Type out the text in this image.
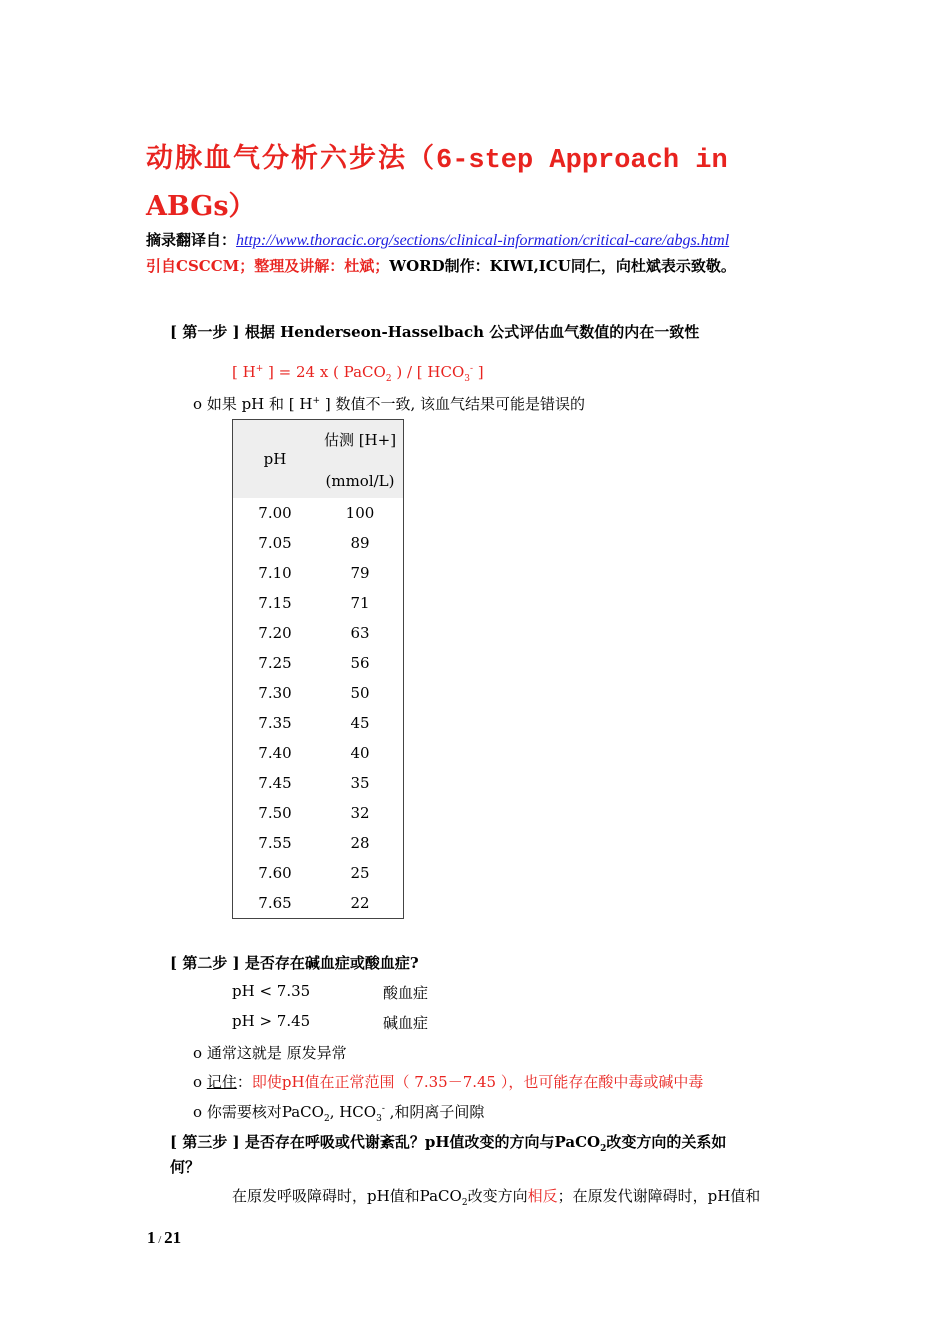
动脉血气分析六步法（6-step Approach in
ABGs）
摘录翻译自：http://www.thoracic.org/sections/clinical-information/critical-care/abgs.html
引自CSCCM；整理及讲解：杜斌；WORD制作：KIWI,ICU同仁，向杜斌表示致敬。
[ 第一步 ] 根据 Henderseon-Hasselbach 公式评估血气数值的内在一致性
[ H+ ] = 24 x ( PaCO$_2$ ) / [ $HCO_3^-$ ]
o 如果 pH 和 [ H+ ] 数值不一致, 该血气结果可能是错误的
pH	估测 [H+]
(mmol/L)

7.00	100
7.05	89
7.10	79
7.15	71
7.20	63
7.25	56
7.30	50
7.35	45
7.40	40
7.45	35
7.50	32
7.55	28
7.60	25
7.65	22
[ 第二步 ] 是否存在碱血症或酸血症?
pH < 7.35	酸血症
pH > 7.45	碱血症
o 通常这就是 原发异常
o 记住：即使pH值在正常范围（ 7.35－7.45 ），也可能存在酸中毒或碱中毒
o 你需要核对PaCO$_2$, $HCO_3^-$ ,和阴离子间隙
[ 第三步 ] 是否存在呼吸或代谢紊乱？pH值改变的方向与PaCO$_2$改变方向的关系如
何？
在原发呼吸障碍时，pH值和PaCO$_2$改变方向相反；在原发代谢障碍时，pH值和
1 / 21
